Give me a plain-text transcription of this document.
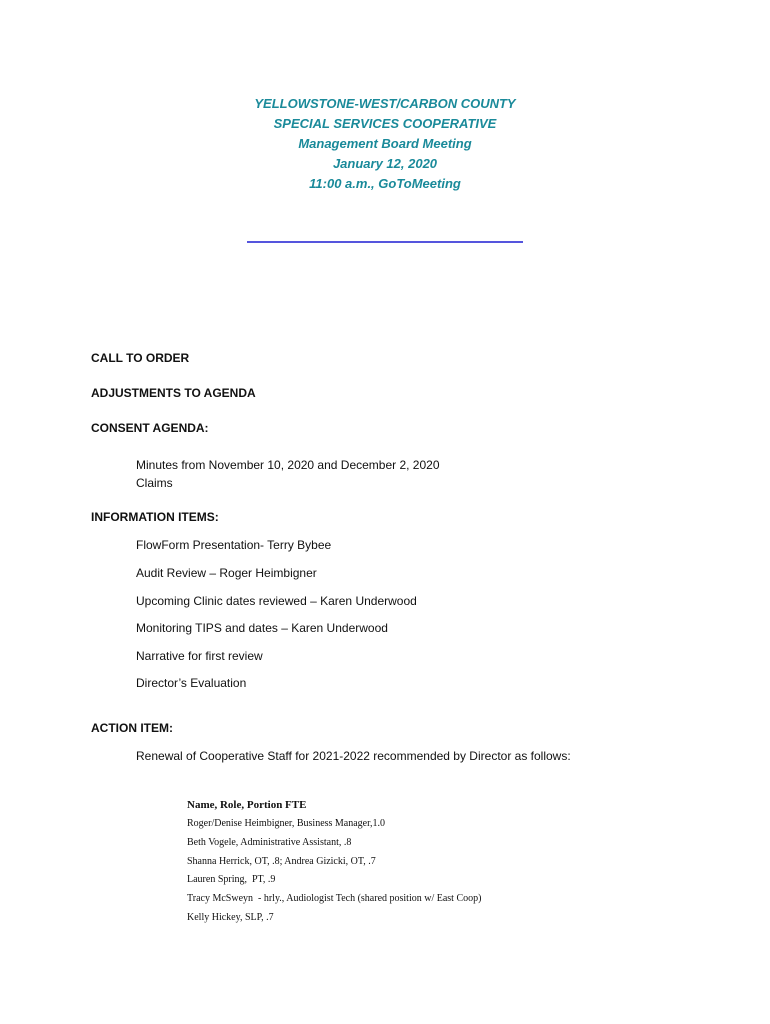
YELLOWSTONE-WEST/CARBON COUNTY
SPECIAL SERVICES COOPERATIVE
Management Board Meeting
January 12, 2020
11:00 a.m., GoToMeeting
CALL TO ORDER
ADJUSTMENTS TO AGENDA
CONSENT AGENDA:
Minutes from November 10, 2020 and December 2, 2020
Claims
INFORMATION ITEMS:
FlowForm Presentation- Terry Bybee
Audit Review – Roger Heimbigner
Upcoming Clinic dates reviewed – Karen Underwood
Monitoring TIPS and dates – Karen Underwood
Narrative for first review
Director’s Evaluation
ACTION ITEM:
Renewal of Cooperative Staff for 2021-2022 recommended by Director as follows:
Name, Role, Portion FTE
Roger/Denise Heimbigner, Business Manager,1.0
Beth Vogele, Administrative Assistant, .8
Shanna Herrick, OT, .8; Andrea Gizicki, OT, .7
Lauren Spring,  PT, .9
Tracy McSweyn  - hrly., Audiologist Tech (shared position w/ East Coop)
Kelly Hickey, SLP, .7
